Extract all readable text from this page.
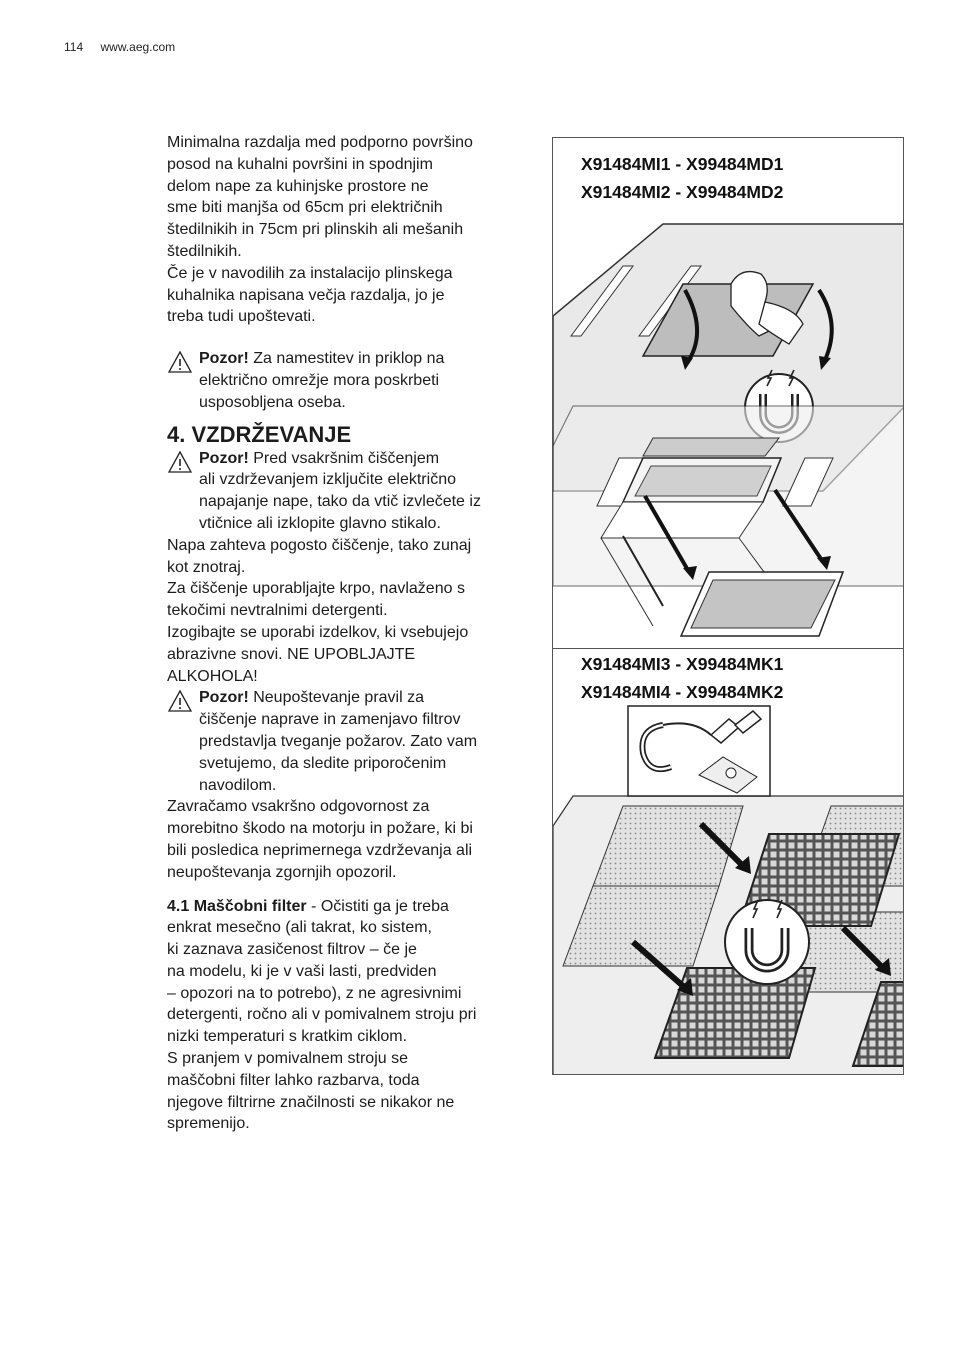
114 www.aeg.com

Minimalna razdalja med podporno površino
posod na kuhalni površini in spodnjim
delom nape za kuhinjske prostore ne
sme biti manjša od 65cm pri električnih
štedilnikih in 75cm pri plinskih ali mešanih
štedilnikih.
Če je v navodilih za instalacijo plinskega
kuhalnika napisana večja razdalja, jo je
treba tudi upoštevati.

Pozor! Za namestitev in priklop na
električno omrežje mora poskrbeti
usposobljena oseba.

4. VZDRŽEVANJE

Pozor! Pred vsakršnim čiščenjem
ali vzdrževanjem izključite električno
napajanje nape, tako da vtič izvlečete iz
vtičnice ali izklopite glavno stikalo.

Napa zahteva pogosto čiščenje, tako zunaj
kot znotraj.
Za čiščenje uporabljajte krpo, navlaženo s
tekočimi nevtralnimi detergenti.
Izogibajte se uporabi izdelkov, ki vsebujejo
abrazivne snovi. NE UPOBLJAJTE
ALKOHOLA!

Pozor! Neupoštevanje pravil za
čiščenje naprave in zamenjavo filtrov
predstavlja tveganje požarov. Zato vam
svetujemo, da sledite priporočenim
navodilom.

Zavračamo vsakršno odgovornost za
morebitno škodo na motorju in požare, ki bi
bili posledica neprimernega vzdrževanja ali
neupoštevanja zgornjih opozoril.

4.1 Maščobni filter - Očistiti ga je treba
enkrat mesečno (ali takrat, ko sistem,
ki zaznava zasičenost filtrov – če je
na modelu, ki je v vaši lasti, predviden
– opozori na to potrebo), z ne agresivnimi
detergenti, ročno ali v pomivalnem stroju pri
nizki temperaturi s kratkim ciklom.
S pranjem v pomivalnem stroju se
maščobni filter lahko razbarva, toda
njegove filtrirne značilnosti se nikakor ne
spremenijo.

X91484MI1 - X99484MD1
X91484MI2 - X99484MD2
X91484MI3 - X99484MK1
X91484MI4 - X99484MK2
